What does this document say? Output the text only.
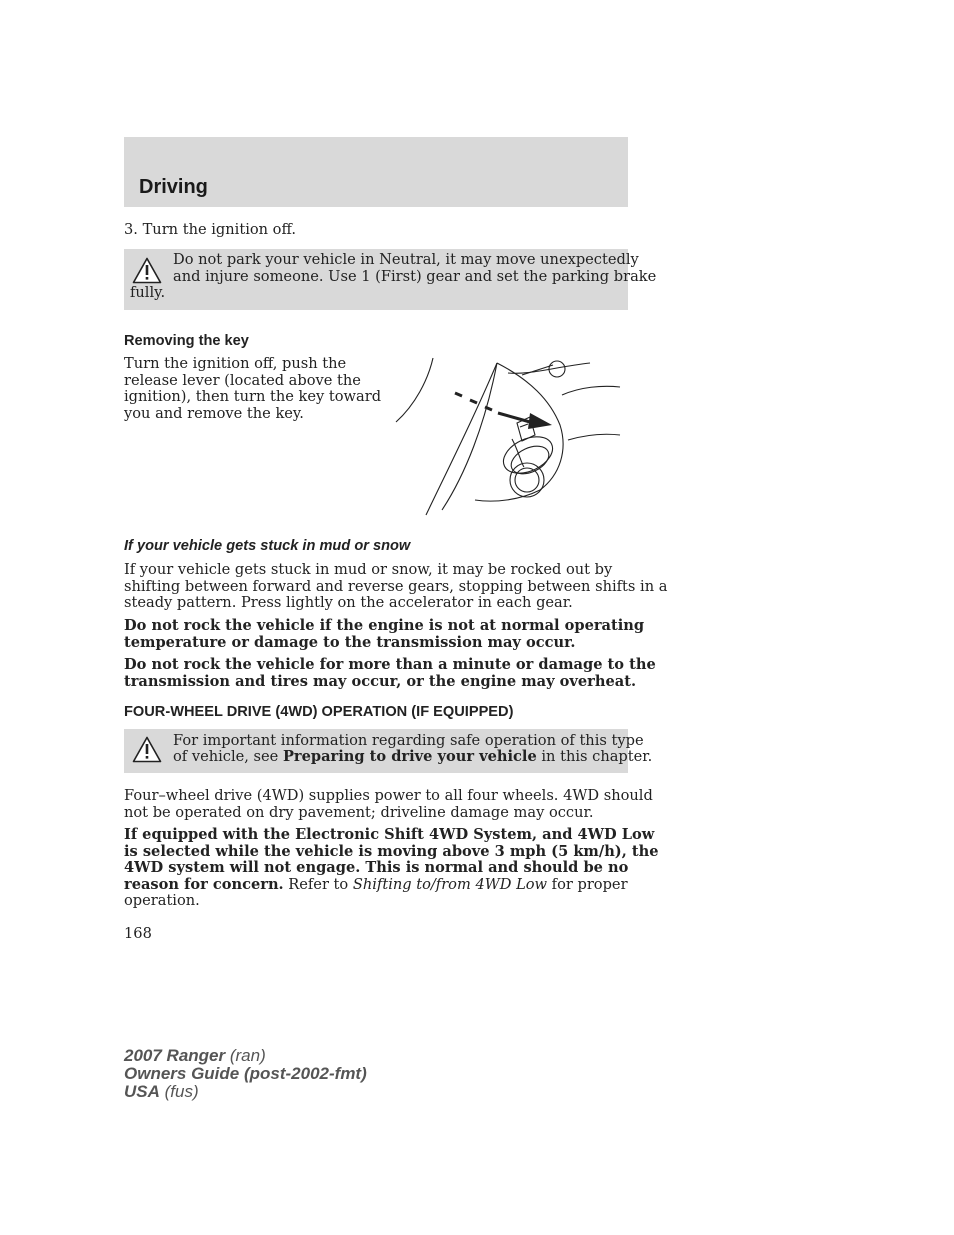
Driving
3. Turn the ignition off.
Do not park your vehicle in Neutral, it may move unexpectedly
and injure someone. Use 1 (First) gear and set the parking brake
fully.
Removing the key
Turn the ignition off, push the
release lever (located above the
ignition), then turn the key toward
you and remove the key.
If your vehicle gets stuck in mud or snow
If your vehicle gets stuck in mud or snow, it may be rocked out by
shifting between forward and reverse gears, stopping between shifts in a
steady pattern. Press lightly on the accelerator in each gear.
Do not rock the vehicle if the engine is not at normal operating
temperature or damage to the transmission may occur.
Do not rock the vehicle for more than a minute or damage to the
transmission and tires may occur, or the engine may overheat.
FOUR-WHEEL DRIVE (4WD) OPERATION (IF EQUIPPED)
For important information regarding safe operation of this type
of vehicle, see Preparing to drive your vehicle in this chapter.
Four–wheel drive (4WD) supplies power to all four wheels. 4WD should
not be operated on dry pavement; driveline damage may occur.
If equipped with the Electronic Shift 4WD System, and 4WD Low
is selected while the vehicle is moving above 3 mph (5 km/h), the
4WD system will not engage. This is normal and should be no
reason for concern. Refer to Shifting to/from 4WD Low for proper
operation.
168
2007 Ranger (ran)
Owners Guide (post-2002-fmt)
USA (fus)
